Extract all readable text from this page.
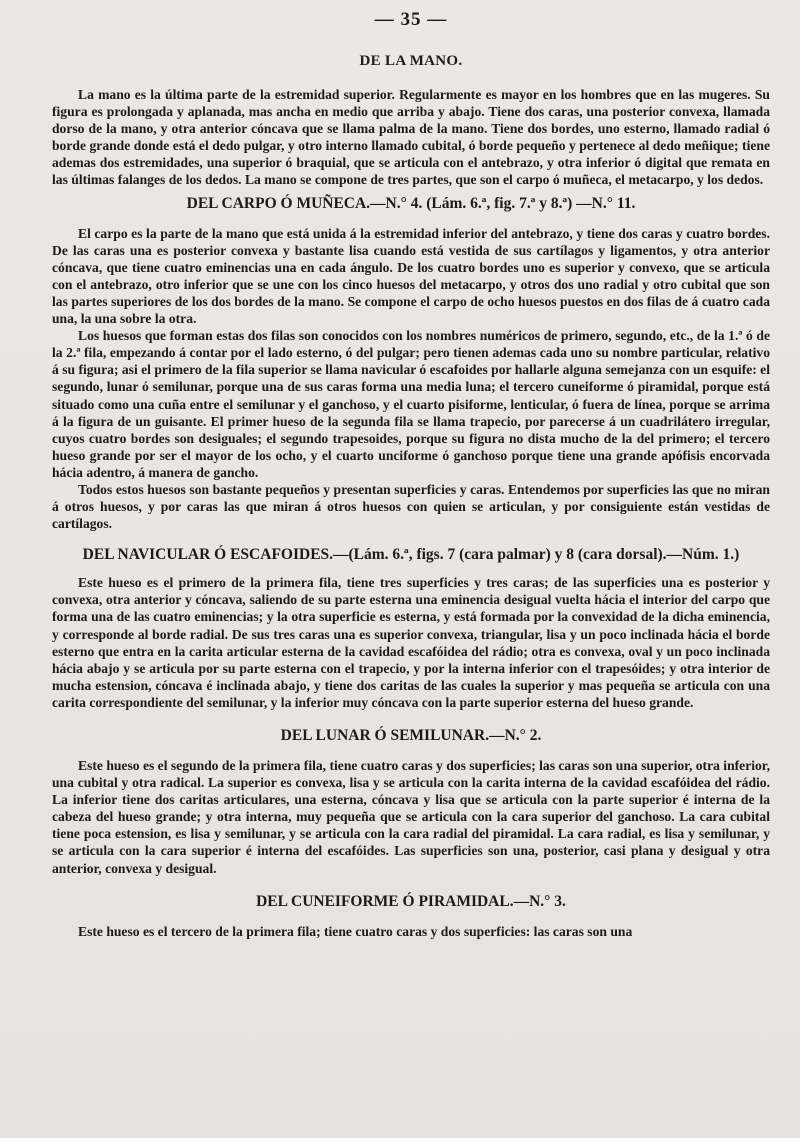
— 35 —
DE LA MANO.

La mano es la última parte de la estremidad superior. Regularmente es mayor en los hombres que en las mugeres. Su figura es prolongada y aplanada, mas ancha en medio que arriba y abajo. Tiene dos caras, una posterior convexa, llamada dorso de la mano, y otra anterior cóncava que se llama palma de la mano. Tiene dos bordes, uno esterno, llamado radial ó borde grande donde está el dedo pulgar, y otro interno llamado cubital, ó borde pequeño y pertenece al dedo meñique; tiene ademas dos estremidades, una superior ó braquial, que se articula con el antebrazo, y otra inferior ó digital que remata en las últimas falanges de los dedos. La mano se compone de tres partes, que son el carpo ó muñeca, el metacarpo, y los dedos.

DEL CARPO Ó MUÑECA.—N.° 4. (Lám. 6.ª, fig. 7.ª y 8.ª) —N.° 11.

El carpo es la parte de la mano que está unida á la estremidad inferior del antebrazo, y tiene dos caras y cuatro bordes. De las caras una es posterior convexa y bastante lisa cuando está vestida de sus cartílagos y ligamentos, y otra anterior cóncava, que tiene cuatro eminencias una en cada ángulo. De los cuatro bordes uno es superior y convexo, que se articula con el antebrazo, otro inferior que se une con los cinco huesos del metacarpo, y otros dos uno radial y otro cubital que son las partes superiores de los dos bordes de la mano. Se compone el carpo de ocho huesos puestos en dos filas de á cuatro cada una, la una sobre la otra.

Los huesos que forman estas dos filas son conocidos con los nombres numéricos de primero, segundo, etc., de la 1.ª ó de la 2.ª fila, empezando á contar por el lado esterno, ó del pulgar; pero tienen ademas cada uno su nombre particular, relativo á su figura; asi el primero de la fila superior se llama navicular ó escafoides por hallarle alguna semejanza con un esquife: el segundo, lunar ó semilunar, porque una de sus caras forma una media luna; el tercero cuneiforme ó piramidal, porque está situado como una cuña entre el semilunar y el ganchoso, y el cuarto pisiforme, lenticular, ó fuera de línea, porque se arrima á la figura de un guisante. El primer hueso de la segunda fila se llama trapecio, por parecerse á un cuadrilátero irregular, cuyos cuatro bordes son desiguales; el segundo trapesoides, porque su figura no dista mucho de la del primero; el tercero hueso grande por ser el mayor de los ocho, y el cuarto unciforme ó ganchoso porque tiene una grande apófisis encorvada hácia adentro, á manera de gancho.

Todos estos huesos son bastante pequeños y presentan superficies y caras. Entendemos por superficies las que no miran á otros huesos, y por caras las que miran á otros huesos con quien se articulan, y por consiguiente están vestidas de cartílagos.

DEL NAVICULAR Ó ESCAFOIDES.—(Lám. 6.ª, figs. 7 (cara palmar) y 8 (cara dorsal).—Núm. 1.)

Este hueso es el primero de la primera fila, tiene tres superficies y tres caras; de las superficies una es posterior y convexa, otra anterior y cóncava, saliendo de su parte esterna una eminencia desigual vuelta hácia el interior del carpo que forma una de las cuatro eminencias; y la otra superficie es esterna, y está formada por la convexidad de la dicha eminencia, y corresponde al borde radial. De sus tres caras una es superior convexa, triangular, lisa y un poco inclinada hácia el borde esterno que entra en la carita articular esterna de la cavidad escafóidea del rádio; otra es convexa, oval y un poco inclinada hácia abajo y se articula por su parte esterna con el trapecio, y por la interna inferior con el trapesóides; y otra interior de mucha estension, cóncava é inclinada abajo, y tiene dos caritas de las cuales la superior y mas pequeña se articula con una carita correspondiente del semilunar, y la inferior muy cóncava con la parte superior esterna del hueso grande.

DEL LUNAR Ó SEMILUNAR.—N.° 2.

Este hueso es el segundo de la primera fila, tiene cuatro caras y dos superficies; las caras son una superior, otra inferior, una cubital y otra radical. La superior es convexa, lisa y se articula con la carita interna de la cavidad escafóidea del rádio. La inferior tiene dos caritas articulares, una esterna, cóncava y lisa que se articula con la parte superior é interna de la cabeza del hueso grande; y otra interna, muy pequeña que se articula con la cara superior del ganchoso. La cara cubital tiene poca estension, es lisa y semilunar, y se articula con la cara radial del piramidal. La cara radial, es lisa y semilunar, y se articula con la cara superior é interna del escafóides. Las superficies son una, posterior, casi plana y desigual y otra anterior, convexa y desigual.

DEL CUNEIFORME Ó PIRAMIDAL.—N.° 3.

Este hueso es el tercero de la primera fila; tiene cuatro caras y dos superficies: las caras son una
